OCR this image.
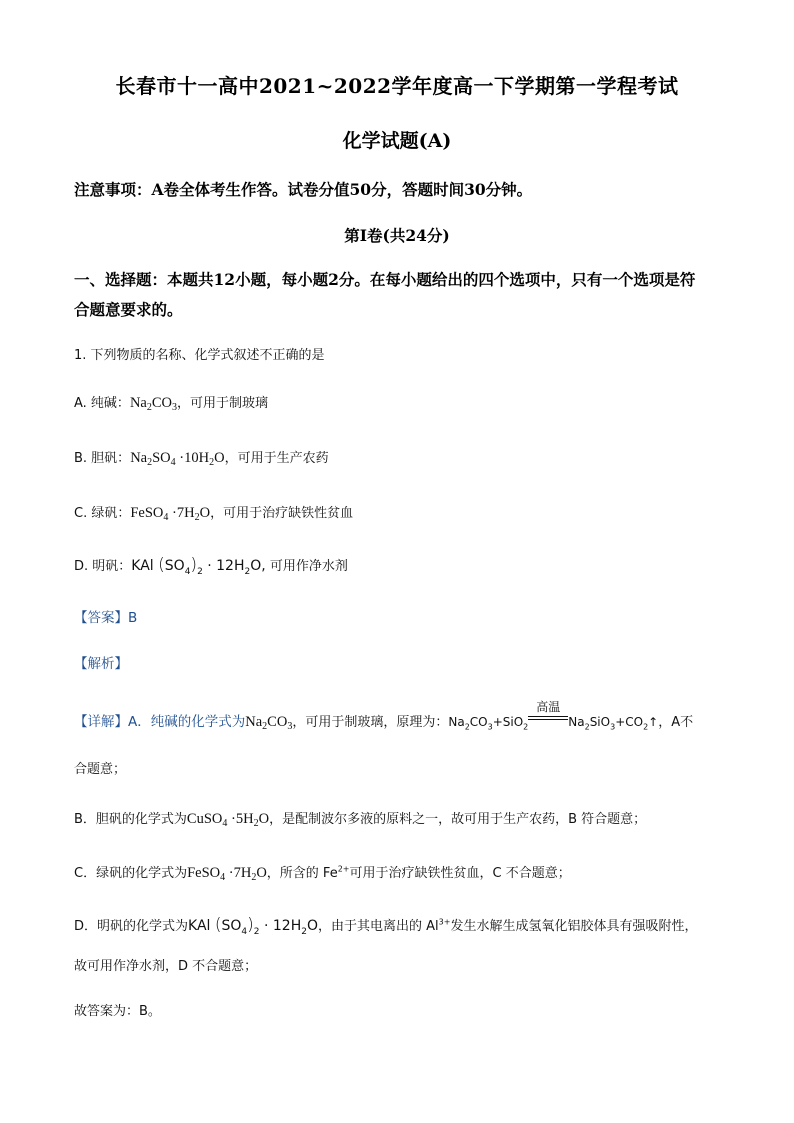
长春市十一高中2021~2022学年度高一下学期第一学程考试
化学试题(A)
注意事项：A卷全体考生作答。试卷分值50分，答题时间30分钟。
第I卷(共24分)
一、选择题：本题共12小题，每小题2分。在每小题给出的四个选项中，只有一个选项是符
合题意要求的。
1. 下列物质的名称、化学式叙述不正确的是
A. 纯碱：$Na_2CO_3$，可用于制玻璃
B. 胆矾：$Na_2SO_4 \cdot 10H_2O$，可用于生产农药
C. 绿矾：FeSO$_4$ $\cdot 7H_2O$，可用于治疗缺铁性贫血
D. 明矾：KAl $(SO_4)_2 \cdot 12H_2O$, 可用作净水剂
【答案】B
【解析】
【详解】A．纯碱的化学式为$Na_2CO_3$，可用于制玻璃，原理为：$Na_2CO_3+SiO_2$
高温
$Na_2SiO_3+CO_2↑$，A不
合题意；
B．胆矾的化学式为CuSO$_4$ $\cdot 5H_2O$，是配制波尔多液的原料之一，故可用于生产农药，B 符合题意；
C．绿矾的化学式为FeSO$_4$ $\cdot 7H_2O$，所含的 $Fe^{2+}$可用于治疗缺铁性贫血，C 不合题意；
D．明矾的化学式为KAl $(SO_4)_2 \cdot 12H_2O$，由于其电离出的 $Al^{3+}$发生水解生成氢氧化铝胶体具有强吸附性，
故可用作净水剂，D 不合题意；
故答案为：B。
